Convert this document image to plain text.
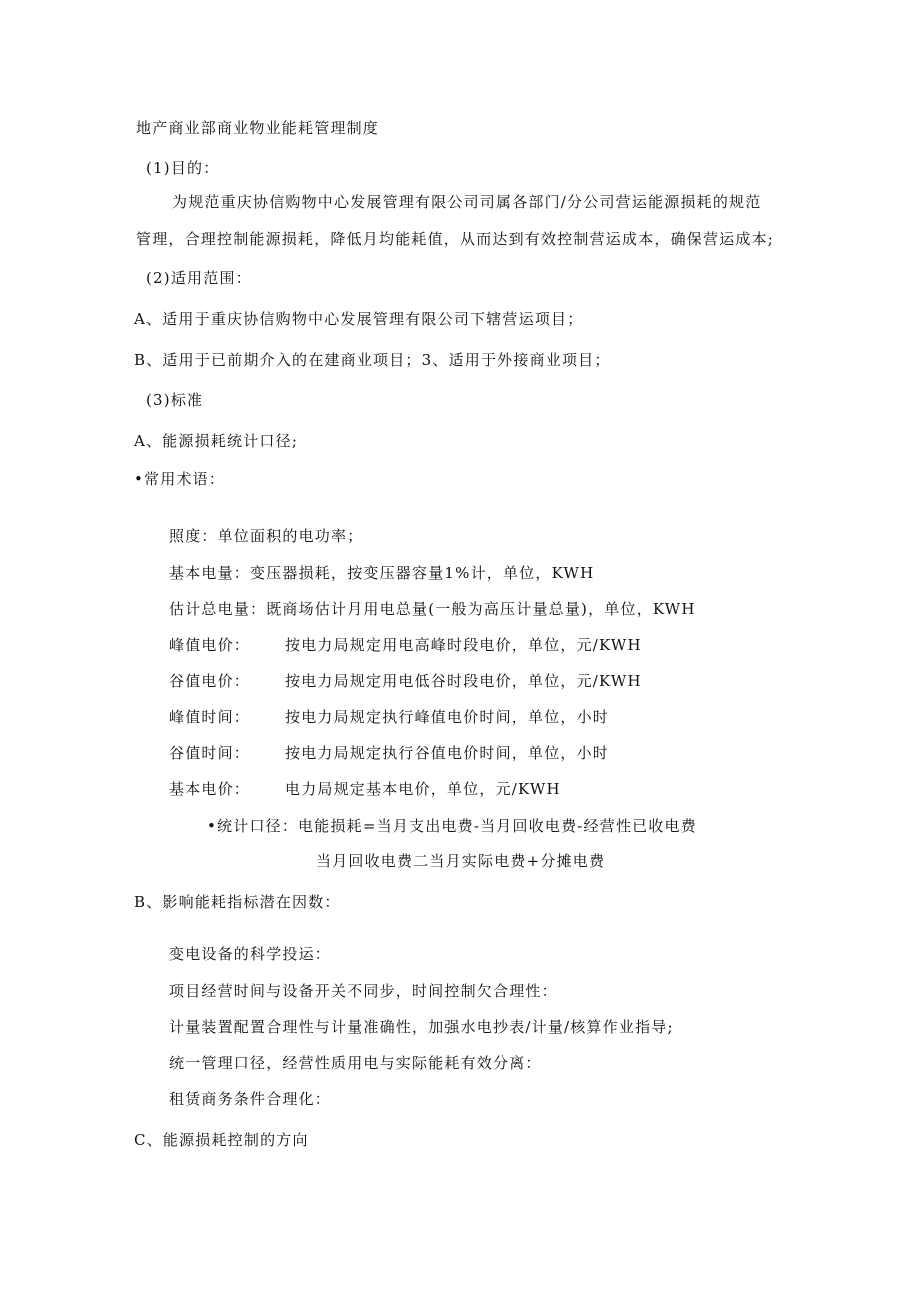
地产商业部商业物业能耗管理制度
(1)目的：
为规范重庆协信购物中心发展管理有限公司司属各部门/分公司营运能源损耗的规范
管理，合理控制能源损耗，降低月均能耗值，从而达到有效控制营运成本，确保营运成本;
(2)适用范围：
A、适用于重庆协信购物中心发展管理有限公司下辖营运项目；
B、适用于已前期介入的在建商业项目；3、适用于外接商业项目；
(3)标准
A、能源损耗统计口径;
•常用术语：
照度：单位面积的电功率；
基本电量：变压器损耗，按变压器容量1%计，单位，KWH
估计总电量：既商场估计月用电总量(一般为高压计量总量)，单位，KWH
峰值电价： 按电力局规定用电高峰时段电价，单位，元/KWH
谷值电价： 按电力局规定用电低谷时段电价，单位，元/KWH
峰值时间： 按电力局规定执行峰值电价时间，单位，小时
谷值时间： 按电力局规定执行谷值电价时间，单位，小时
基本电价： 电力局规定基本电价，单位，元/KWH
•统计口径：电能损耗=当月支出电费-当月回收电费-经营性已收电费
当月回收电费二当月实际电费+分摊电费
B、影响能耗指标潜在因数：
变电设备的科学投运：
项目经营时间与设备开关不同步，时间控制欠合理性：
计量装置配置合理性与计量准确性，加强水电抄表/计量/核算作业指导;
统一管理口径，经营性质用电与实际能耗有效分离：
租赁商务条件合理化：
C、能源损耗控制的方向
